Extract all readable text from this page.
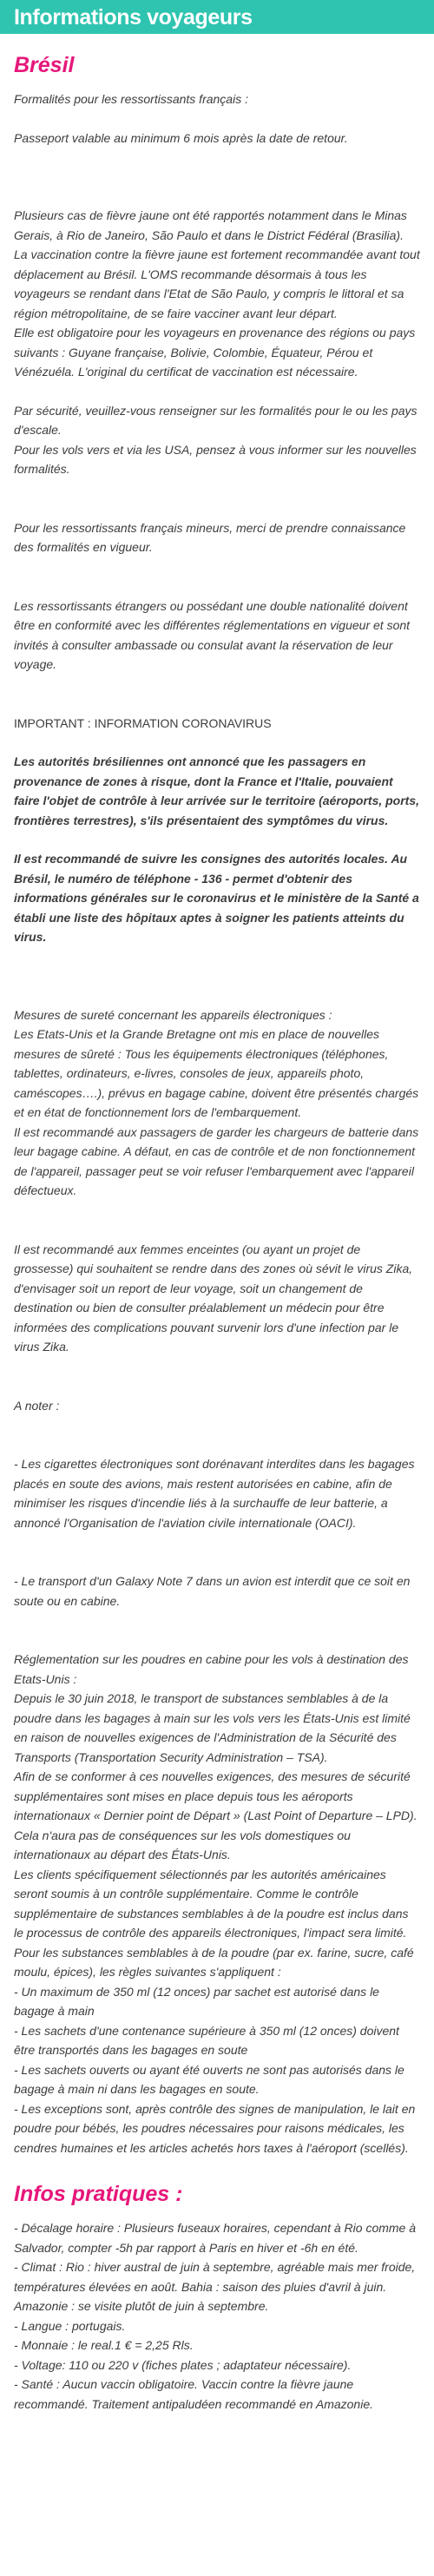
Informations voyageurs
Brésil

Formalités pour les ressortissants français :

Passeport valable au minimum 6 mois après la date de retour.

Plusieurs cas de fièvre jaune ont été rapportés notamment dans le Minas Gerais, à Rio de Janeiro, São Paulo et dans le District Fédéral (Brasilia).

La vaccination contre la fièvre jaune est fortement recommandée avant tout déplacement au Brésil. L'OMS recommande désormais à tous les voyageurs se rendant dans l'Etat de São Paulo, y compris le littoral et sa région métropolitaine, de se faire vacciner avant leur départ.

Elle est obligatoire pour les voyageurs en provenance des régions ou pays suivants : Guyane française, Bolivie, Colombie, Équateur, Pérou et Vénézuéla. L'original du certificat de vaccination est nécessaire.

Par sécurité, veuillez-vous renseigner sur les formalités pour le ou les pays d'escale.

Pour les vols vers et via les USA, pensez à vous informer sur les nouvelles formalités.

Pour les ressortissants français mineurs, merci de prendre connaissance des formalités en vigueur.

Les ressortissants étrangers ou possédant une double nationalité doivent être en conformité avec les différentes réglementations en vigueur et sont invités à consulter ambassade ou consulat avant la réservation de leur voyage.

IMPORTANT : INFORMATION CORONAVIRUS

Les autorités brésiliennes ont annoncé que les passagers en provenance de zones à risque, dont la France et l'Italie, pouvaient faire l'objet de contrôle à leur arrivée sur le territoire (aéroports, ports, frontières terrestres), s'ils présentaient des symptômes du virus.

Il est recommandé de suivre les consignes des autorités locales. Au Brésil, le numéro de téléphone - 136 - permet d'obtenir des informations générales sur le coronavirus et le ministère de la Santé a établi une liste des hôpitaux aptes à soigner les patients atteints du virus.

Mesures de sureté concernant les appareils électroniques :

Les Etats-Unis et la Grande Bretagne ont mis en place de nouvelles mesures de sûreté : Tous les équipements électroniques (téléphones, tablettes, ordinateurs, e-livres, consoles de jeux, appareils photo, caméscopes….), prévus en bagage cabine, doivent être présentés chargés et en état de fonctionnement lors de l'embarquement.

Il est recommandé aux passagers de garder les chargeurs de batterie dans leur bagage cabine. A défaut, en cas de contrôle et de non fonctionnement de l'appareil, passager peut se voir refuser l'embarquement avec l'appareil défectueux.

Il est recommandé aux femmes enceintes (ou ayant un projet de grossesse) qui souhaitent se rendre dans des zones où sévit le virus Zika, d'envisager soit un report de leur voyage, soit un changement de destination ou bien de consulter préalablement un médecin pour être informées des complications pouvant survenir lors d'une infection par le virus Zika.

A noter :

- Les cigarettes électroniques sont dorénavant interdites dans les bagages placés en soute des avions, mais restent autorisées en cabine, afin de minimiser les risques d'incendie liés à la surchauffe de leur batterie, a annoncé l'Organisation de l'aviation civile internationale (OACI).

- Le transport d'un Galaxy Note 7 dans un avion est interdit que ce soit en soute ou en cabine.

Réglementation sur les poudres en cabine pour les vols à destination des Etats-Unis :

Depuis le 30 juin 2018, le transport de substances semblables à de la poudre dans les bagages à main sur les vols vers les États-Unis est limité en raison de nouvelles exigences de l'Administration de la Sécurité des Transports (Transportation Security Administration – TSA).

Afin de se conformer à ces nouvelles exigences, des mesures de sécurité supplémentaires sont mises en place depuis tous les aéroports internationaux « Dernier point de Départ » (Last Point of Departure – LPD). Cela n'aura pas de conséquences sur les vols domestiques ou internationaux au départ des États-Unis.

Les clients spécifiquement sélectionnés par les autorités américaines seront soumis à un contrôle supplémentaire. Comme le contrôle supplémentaire de substances semblables à de la poudre est inclus dans le processus de contrôle des appareils électroniques, l'impact sera limité.

Pour les substances semblables à de la poudre (par ex. farine, sucre, café moulu, épices), les règles suivantes s'appliquent :

- Un maximum de 350 ml (12 onces) par sachet est autorisé dans le bagage à main

- Les sachets d'une contenance supérieure à 350 ml (12 onces) doivent être transportés dans les bagages en soute

- Les sachets ouverts ou ayant été ouverts ne sont pas autorisés dans le bagage à main ni dans les bagages en soute.

- Les exceptions sont, après contrôle des signes de manipulation, le lait en poudre pour bébés, les poudres nécessaires pour raisons médicales, les cendres humaines et les articles achetés hors taxes à l'aéroport (scellés).

Infos pratiques :

- Décalage horaire : Plusieurs fuseaux horaires, cependant à Rio comme à Salvador, compter -5h par rapport à Paris en hiver et -6h en été.

- Climat : Rio : hiver austral de juin à septembre, agréable mais mer froide, températures élevées en août. Bahia : saison des pluies d'avril à juin. Amazonie : se visite plutôt de juin à septembre.

- Langue : portugais.

- Monnaie : le real.1 € = 2,25 Rls.

- Voltage: 110 ou 220 v (fiches plates ; adaptateur nécessaire).

- Santé : Aucun vaccin obligatoire. Vaccin contre la fièvre jaune recommandé. Traitement antipaludéen recommandé en Amazonie.
